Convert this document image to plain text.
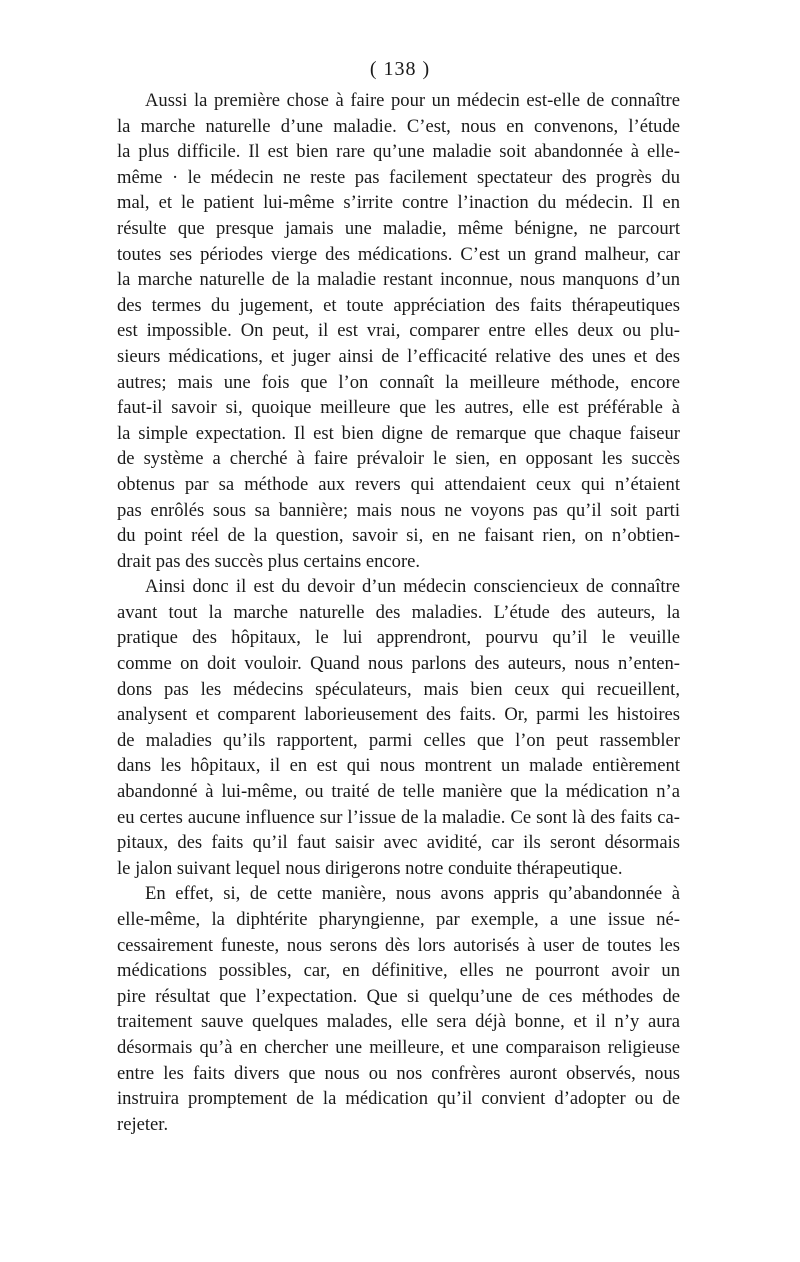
( 138 )
Aussi la première chose à faire pour un médecin est-elle de connaître
la marche naturelle d’une maladie. C’est, nous en convenons, l’étude
la plus difficile. Il est bien rare qu’une maladie soit abandonnée à elle-
même · le médecin ne reste pas facilement spectateur des progrès du
mal, et le patient lui-même s’irrite contre l’inaction du médecin. Il en
résulte que presque jamais une maladie, même bénigne, ne parcourt
toutes ses périodes vierge des médications. C’est un grand malheur, car
la marche naturelle de la maladie restant inconnue, nous manquons d’un
des termes du jugement, et toute appréciation des faits thérapeutiques
est impossible. On peut, il est vrai, comparer entre elles deux ou plu-
sieurs médications, et juger ainsi de l’efficacité relative des unes et des
autres; mais une fois que l’on connaît la meilleure méthode, encore
faut-il savoir si, quoique meilleure que les autres, elle est préférable à
la simple expectation. Il est bien digne de remarque que chaque faiseur
de système a cherché à faire prévaloir le sien, en opposant les succès
obtenus par sa méthode aux revers qui attendaient ceux qui n’étaient
pas enrôlés sous sa bannière; mais nous ne voyons pas qu’il soit parti
du point réel de la question, savoir si, en ne faisant rien, on n’obtien-
drait pas des succès plus certains encore.
Ainsi donc il est du devoir d’un médecin consciencieux de connaître
avant tout la marche naturelle des maladies. L’étude des auteurs, la
pratique des hôpitaux, le lui apprendront, pourvu qu’il le veuille
comme on doit vouloir. Quand nous parlons des auteurs, nous n’enten-
dons pas les médecins spéculateurs, mais bien ceux qui recueillent,
analysent et comparent laborieusement des faits. Or, parmi les histoires
de maladies qu’ils rapportent, parmi celles que l’on peut rassembler
dans les hôpitaux, il en est qui nous montrent un malade entièrement
abandonné à lui-même, ou traité de telle manière que la médication n’a
eu certes aucune influence sur l’issue de la maladie. Ce sont là des faits ca-
pitaux, des faits qu’il faut saisir avec avidité, car ils seront désormais
le jalon suivant lequel nous dirigerons notre conduite thérapeutique.
En effet, si, de cette manière, nous avons appris qu’abandonnée à
elle-même, la diphtérite pharyngienne, par exemple, a une issue né-
cessairement funeste, nous serons dès lors autorisés à user de toutes les
médications possibles, car, en définitive, elles ne pourront avoir un
pire résultat que l’expectation. Que si quelqu’une de ces méthodes de
traitement sauve quelques malades, elle sera déjà bonne, et il n’y aura
désormais qu’à en chercher une meilleure, et une comparaison religieuse
entre les faits divers que nous ou nos confrères auront observés, nous
instruira promptement de la médication qu’il convient d’adopter ou de
rejeter.
